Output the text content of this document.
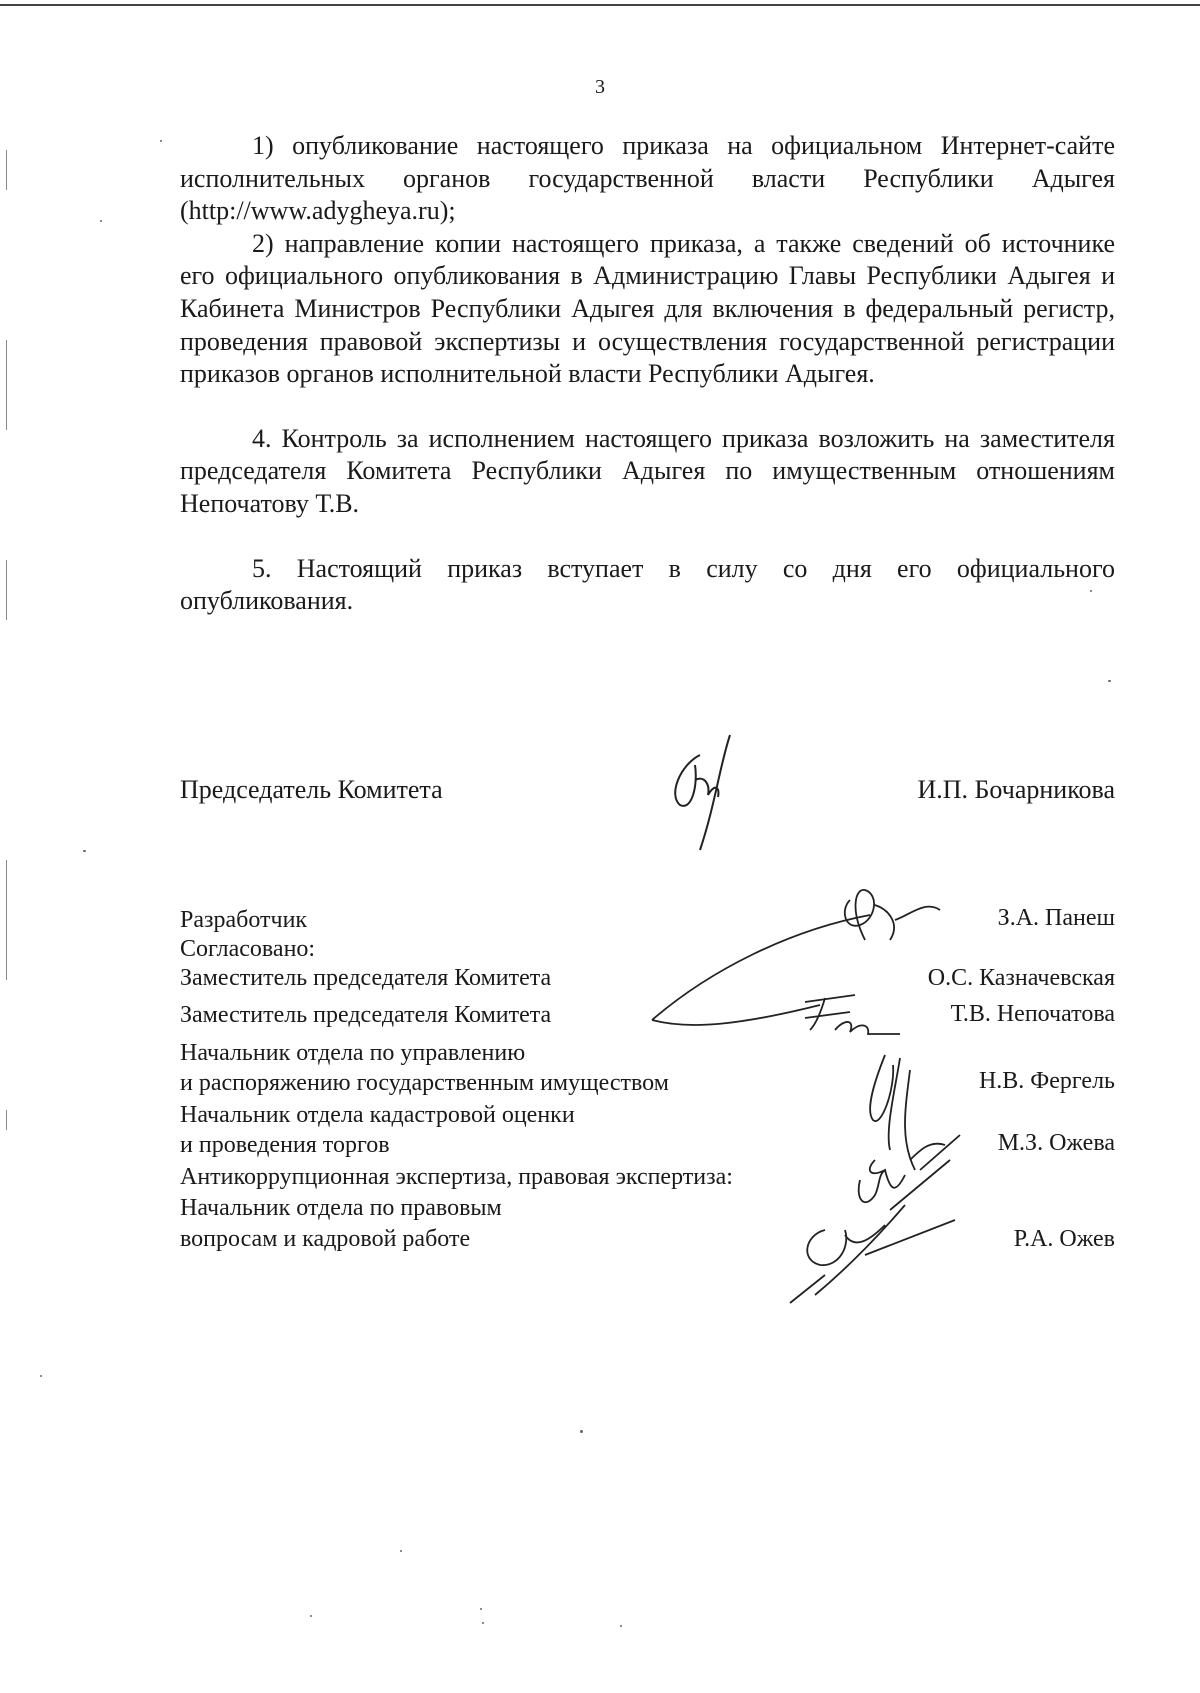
3

1) опубликование настоящего приказа на официальном Интернет-сайте исполнительных органов государственной власти Республики Адыгея (http://www.adygheya.ru);

2) направление копии настоящего приказа, а также сведений об источнике его официального опубликования в Администрацию Главы Республики Адыгея и Кабинета Министров Республики Адыгея для включения в федеральный регистр, проведения правовой экспертизы и осуществления государственной регистрации приказов органов исполнительной власти Республики Адыгея.

4. Контроль за исполнением настоящего приказа возложить на заместителя председателя Комитета Республики Адыгея по имущественным отношениям Непочатову Т.В.

5. Настоящий приказ вступает в силу со дня его официального опубликования.

Председатель Комитета	И.П. Бочарникова
Разработчик	З.А. Панеш
Согласовано:
Заместитель председателя Комитета	О.С. Казначевская
Заместитель председателя Комитета	Т.В. Непочатова
Начальник отдела по управлению
и распоряжению государственным имуществом	Н.В. Фергель
Начальник отдела кадастровой оценки
и проведения торгов	М.З. Ожева
Антикоррупционная экспертиза, правовая экспертиза:
Начальник отдела по правовым
вопросам и кадровой работе	Р.А. Ожев
